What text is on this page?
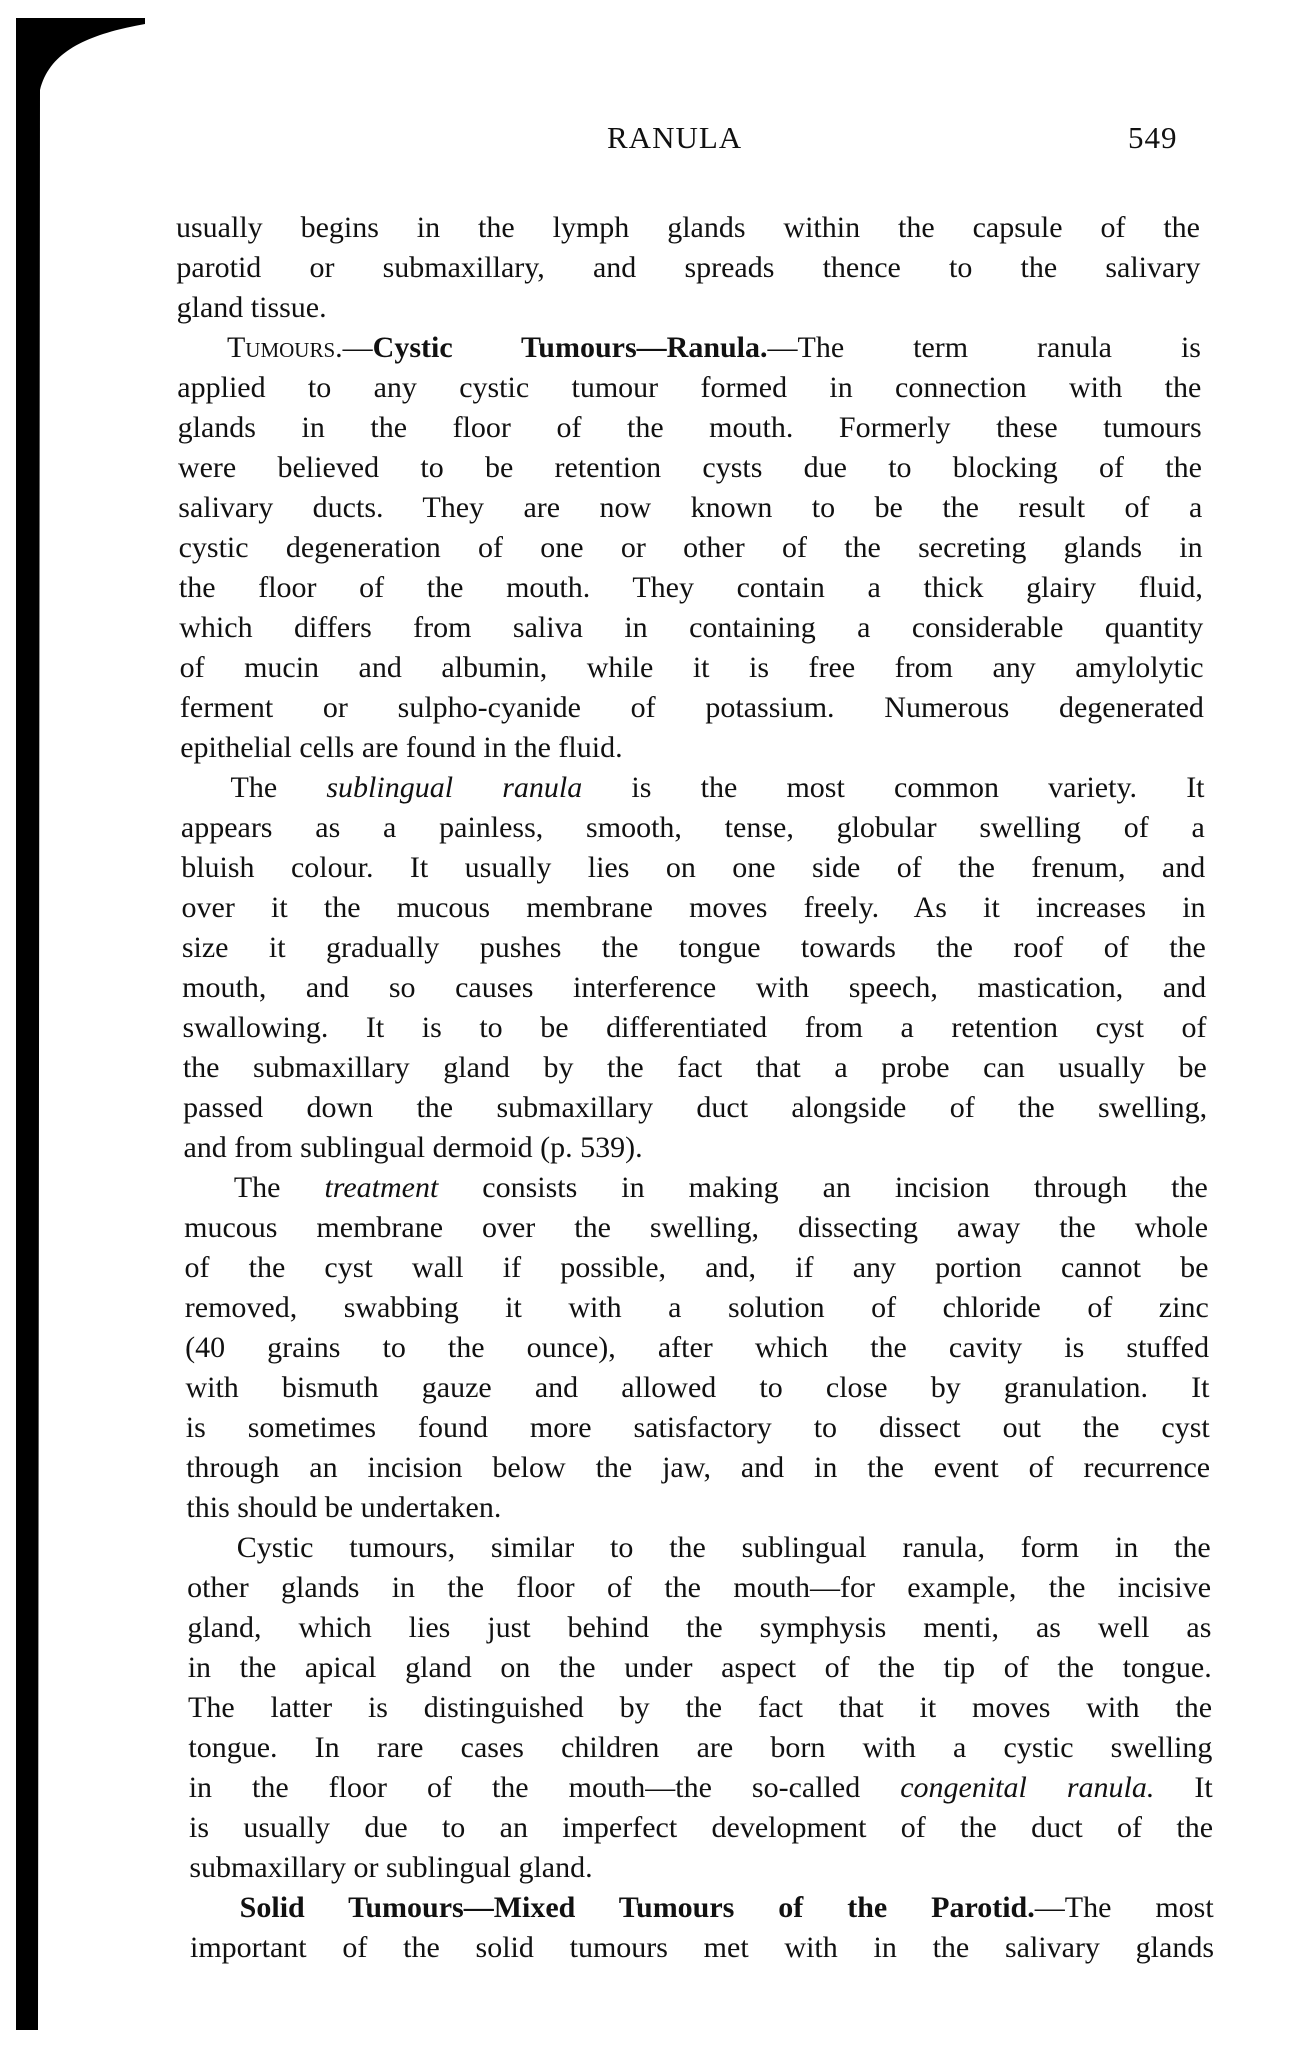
RANULA	549
usually begins in the lymph glands within the capsule of the
parotid or submaxillary, and spreads thence to the salivary
gland tissue.
Tumours.—Cystic Tumours—Ranula.—The term ranula is
applied to any cystic tumour formed in connection with the
glands in the floor of the mouth. Formerly these tumours
were believed to be retention cysts due to blocking of the
salivary ducts. They are now known to be the result of a
cystic degeneration of one or other of the secreting glands in
the floor of the mouth. They contain a thick glairy fluid,
which differs from saliva in containing a considerable quantity
of mucin and albumin, while it is free from any amylolytic
ferment or sulpho-cyanide of potassium. Numerous degenerated
epithelial cells are found in the fluid.
The sublingual ranula is the most common variety. It
appears as a painless, smooth, tense, globular swelling of a
bluish colour. It usually lies on one side of the frenum, and
over it the mucous membrane moves freely. As it increases in
size it gradually pushes the tongue towards the roof of the
mouth, and so causes interference with speech, mastication, and
swallowing. It is to be differentiated from a retention cyst of
the submaxillary gland by the fact that a probe can usually be
passed down the submaxillary duct alongside of the swelling,
and from sublingual dermoid (p. 539).
The treatment consists in making an incision through the
mucous membrane over the swelling, dissecting away the whole
of the cyst wall if possible, and, if any portion cannot be
removed, swabbing it with a solution of chloride of zinc
(40 grains to the ounce), after which the cavity is stuffed
with bismuth gauze and allowed to close by granulation. It
is sometimes found more satisfactory to dissect out the cyst
through an incision below the jaw, and in the event of recurrence
this should be undertaken.
Cystic tumours, similar to the sublingual ranula, form in the
other glands in the floor of the mouth—for example, the incisive
gland, which lies just behind the symphysis menti, as well as
in the apical gland on the under aspect of the tip of the tongue.
The latter is distinguished by the fact that it moves with the
tongue. In rare cases children are born with a cystic swelling
in the floor of the mouth—the so-called congenital ranula. It
is usually due to an imperfect development of the duct of the
submaxillary or sublingual gland.
Solid Tumours—Mixed Tumours of the Parotid.—The most
important of the solid tumours met with in the salivary glands
